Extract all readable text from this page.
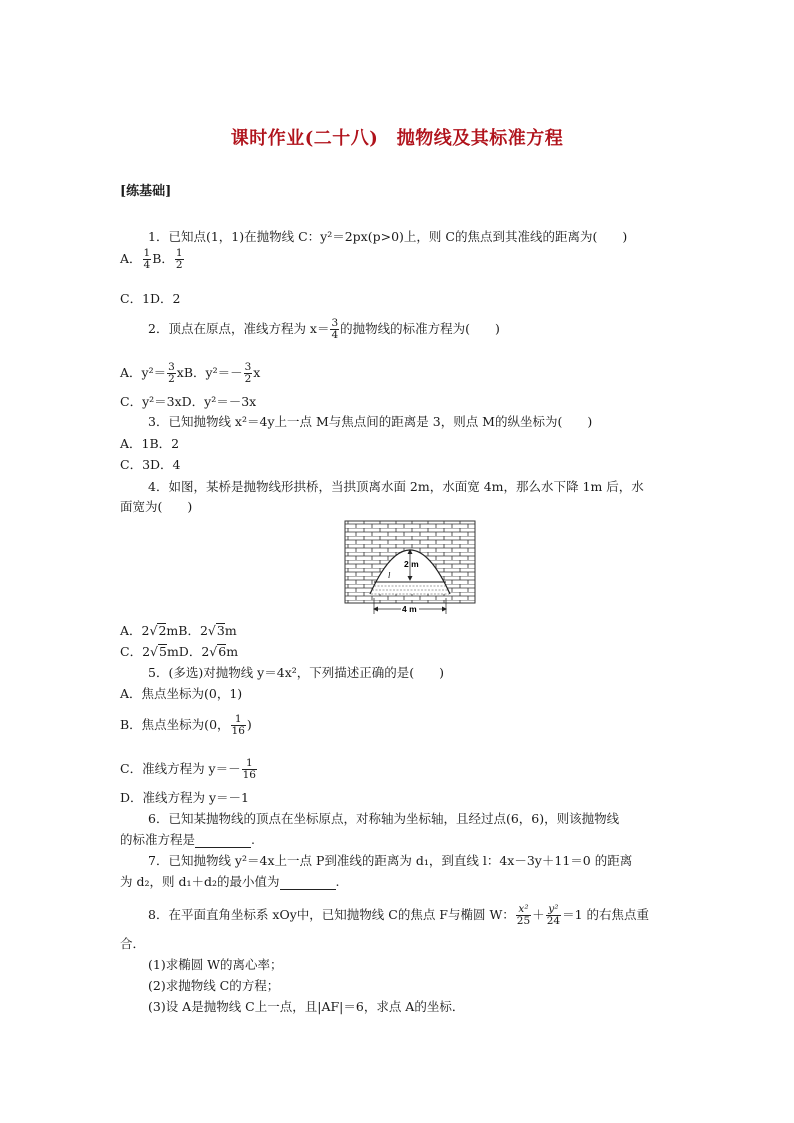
课时作业(二十八)　抛物线及其标准方程
[练基础]
1．已知点(1，1)在抛物线 C：y²＝2px(p>0)上，则 C的焦点到其准线的距离为(　　)
A． $\frac{1}{4}$ B． $\frac{1}{2}$
C．1D．2
2．顶点在原点，准线方程为 $x= \frac{3}{4}$ 的抛物线的标准方程为(　　)
A．$y^2= \frac{3}{2}$ xB．$y^2=- \frac{3}{2}$ x
C．y²＝3xD．y²＝－3x
3．已知抛物线 x²＝4y上一点 M与焦点间的距离是 3，则点 M的纵坐标为(　　)
A．1B．2
C．3D．4
4．如图，某桥是抛物线形拱桥，当拱顶离水面 2m，水面宽 4m，那么水下降 1m 后，水
面宽为(　　)
2 m
l
4 m
A．2√2mB．2√3m
C．2√5mD．2√6m
5．(多选)对抛物线 y＝4x²，下列描述正确的是(　　)
A．焦点坐标为(0，1)
B．焦点坐标为(0， $\frac{1}{16}$ )
C．准线方程为 $y=- \frac{1}{16}$
D．准线方程为 y＝－1
6．已知某抛物线的顶点在坐标原点，对称轴为坐标轴，且经过点(6，6)，则该抛物线
的标准方程是	.
7．已知抛物线 y²＝4x上一点 P到准线的距离为 d₁，到直线 l：4x－3y＋11＝0 的距离
为 d₂，则 d₁＋d₂的最小值为	.
8．在平面直角坐标系 xOy中，已知抛物线 C的焦点 F与椭圆 W： $\frac{\text{x²}}{25} + \frac{\text{y²}}{24} =1$ 的右焦点重
合．
(1)求椭圆 W的离心率；
(2)求抛物线 C的方程；
(3)设 A是抛物线 C上一点，且|AF|＝6，求点 A的坐标．
